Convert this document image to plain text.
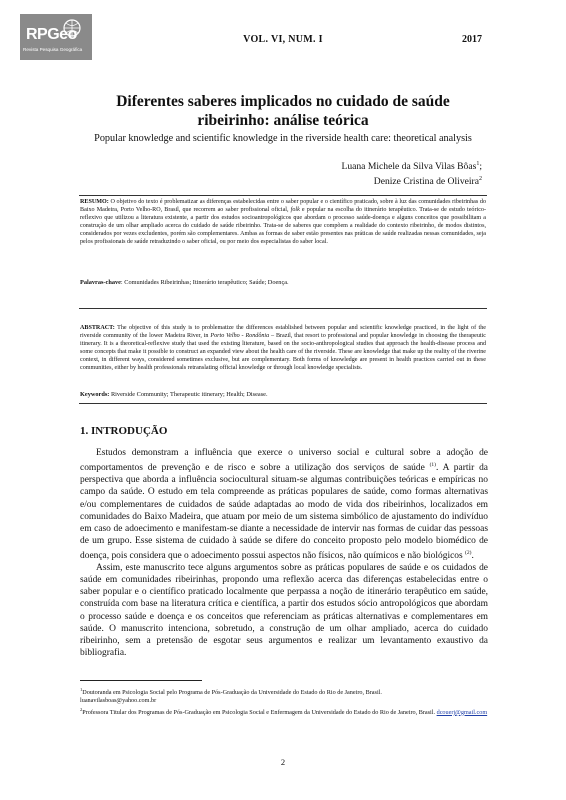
RPGeo
Revista Pesquisa Geográfica
VOL. VI, NUM. I	2017
Diferentes saberes implicados no cuidado de saúde
ribeirinho: análise teórica
Popular knowledge and scientific knowledge in the riverside health care: theoretical analysis
Luana Michele da Silva Vilas Bôas$^1$;
Denize Cristina de Oliveira$^2$
RESUMO: O objetivo do texto é problematizar as diferenças estabelecidas entre o saber popular e o científico praticado, sobre à luz das comunidades ribeirinhas do Baixo Madeira, Porto Velho-RO, Brasil, que recorrem ao saber profissional oficial, folk e popular na escolha do itinerário terapêutico. Trata-se de estudo teórico-reflexivo que utilizou a literatura existente, a partir dos estudos socioantropológicos que abordam o processo saúde-doença e alguns conceitos que possibilitam a construção de um olhar ampliado acerca do cuidado de saúde ribeirinho. Trata-se de saberes que compõem a realidade do contexto ribeirinho, de modos distintos, considerados por vezes excludentes, porém são complementares. Ambas as formas de saber estão presentes nas práticas de saúde realizadas nessas comunidades, seja pelos profissionais de saúde retraduzindo o saber oficial, ou por meio dos especialistas do saber local.
Palavras-chave: Comunidades Ribeirinhas; Itinerário terapêutico; Saúde; Doença.
ABSTRACT: The objective of this study is to problematize the differences established between popular and scientific knowledge practiced, in the light of the riverside community of the lower Madeira River, in Porto Velho - Rondônia – Brazil, that resort to professional and popular knowledge in choosing the therapeutic itinerary. It is a theoretical-reflexive study that used the existing literature, based on the socio-anthropological studies that approach the health-disease process and some concepts that make it possible to construct an expanded view about the health care of the riverside. These are knowledge that make up the reality of the riverine context, in different ways, considered sometimes exclusive, but are complementary. Both forms of knowledge are present in health practices carried out in these communities, either by health professionals retranslating official knowledge or through local knowledge specialists.
Keywords: Riverside Community; Therapeutic itinerary; Health; Disease.
1. INTRODUÇÃO

Estudos demonstram a influência que exerce o universo social e cultural sobre a adoção de comportamentos de prevenção e de risco e sobre a utilização dos serviços de saúde $^{(1)}$. A partir da perspectiva que aborda a influência sociocultural situam-se algumas contribuições teóricas e empíricas no campo da saúde. O estudo em tela compreende as práticas populares de saúde, como formas alternativas e/ou complementares de cuidados de saúde adaptadas ao modo de vida dos ribeirinhos, localizados em comunidades do Baixo Madeira, que atuam por meio de um sistema simbólico de ajustamento do indivíduo em caso de adoecimento e manifestam-se diante a necessidade de intervir nas formas de cuidar das pessoas de um grupo. Esse sistema de cuidado à saúde se difere do conceito proposto pelo modelo biomédico de doença, pois considera que o adoecimento possui aspectos não físicos, não químicos e não biológicos $^{(2)}$.

Assim, este manuscrito tece alguns argumentos sobre as práticas populares de saúde e os cuidados de saúde em comunidades ribeirinhas, propondo uma reflexão acerca das diferenças estabelecidas entre o saber popular e o científico praticado localmente que perpassa a noção de itinerário terapêutico em saúde, construída com base na literatura crítica e científica, a partir dos estudos sócio antropológicos que abordam o processo saúde e doença e os conceitos que referenciam as práticas alternativas e complementares em saúde. O manuscrito intenciona, sobretudo, a construção de um olhar ampliado, acerca do cuidado ribeirinho, sem a pretensão de esgotar seus argumentos e realizar um levantamento exaustivo da bibliografia.

$^1$Doutoranda em Psicologia Social pelo Programa de Pós-Graduação da Universidade do Estado do Rio de Janeiro, Brasil.
luanavilasboas@yahoo.com.br
$^2$Professora Titular dos Programas de Pós-Graduação em Psicologia Social e Enfermagem da Universidade do Estado do Rio de Janeiro, Brasil. dcouerj@gmail.com
2
